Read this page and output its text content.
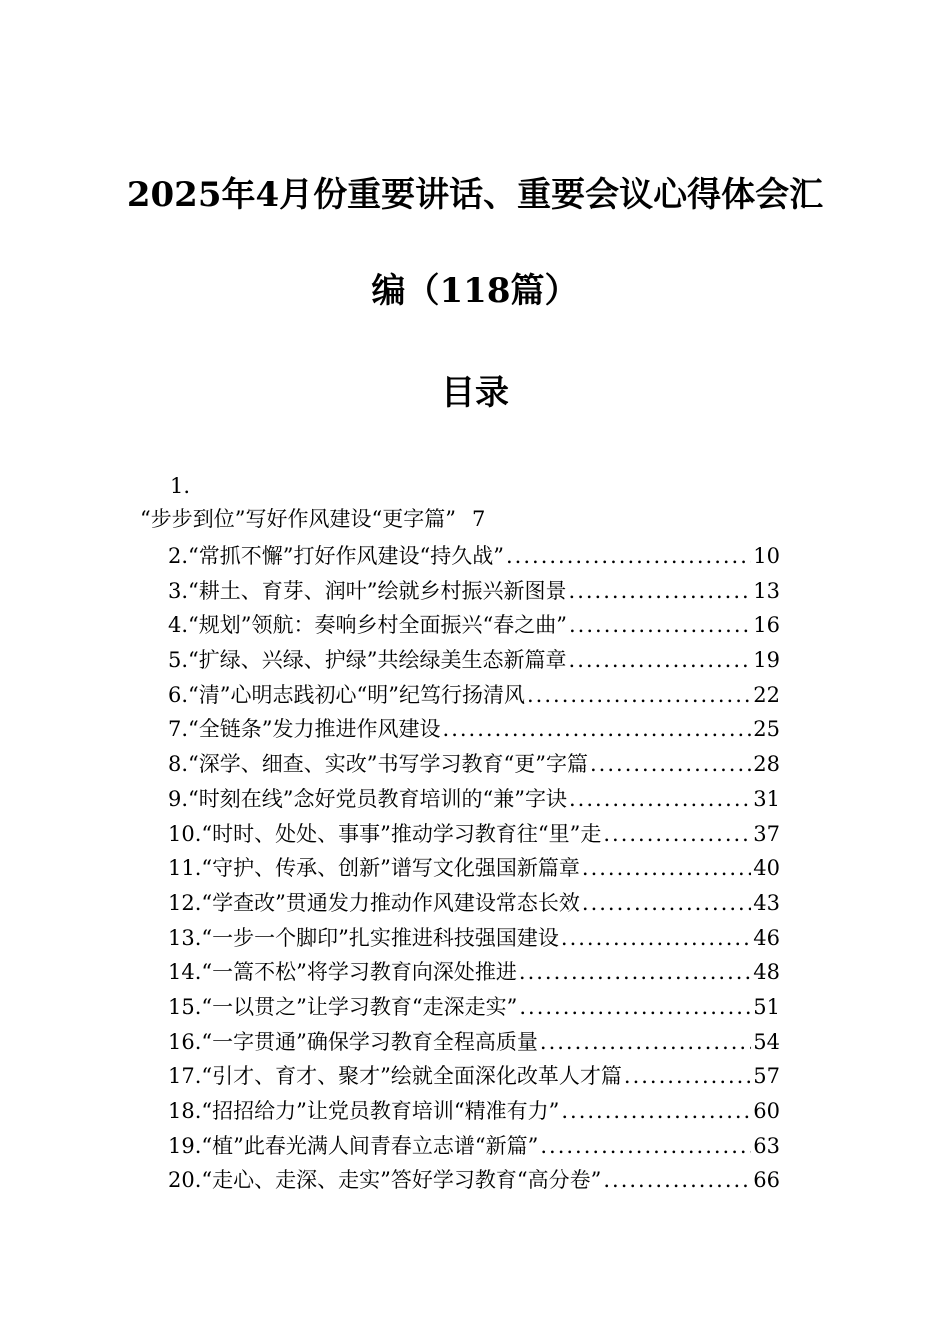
2025年4月份重要讲话、重要会议心得体会汇
编（118篇）
目录
1.
“步步到位”写好作风建设“更字篇” 7
2. “常抓不懈”打好作风建设“持久战” .....	10
3. “耕土、育芽、润叶”绘就乡村振兴新图景 .....	13
4. “规划”领航：奏响乡村全面振兴“春之曲” .....	16
5. “扩绿、兴绿、护绿”共绘绿美生态新篇章 .....	19
6. “清”心明志践初心“明”纪笃行扬清风 .....	22
7. “全链条”发力推进作风建设 .....	25
8. “深学、细查、实改”书写学习教育“更”字篇 .....	28
9. “时刻在线”念好党员教育培训的“兼”字诀 .....	31
10. “时时、处处、事事”推动学习教育往“里”走 .....	37
11. “守护、传承、创新”谱写文化强国新篇章 .....	40
12. “学查改”贯通发力推动作风建设常态长效 .....	43
13. “一步一个脚印”扎实推进科技强国建设 .....	46
14. “一篙不松”将学习教育向深处推进 .....	48
15. “一以贯之”让学习教育“走深走实” .....	51
16. “一字贯通”确保学习教育全程高质量 .....	54
17. “引才、育才、聚才”绘就全面深化改革人才篇 .....	57
18. “招招给力”让党员教育培训“精准有力” .....	60
19. “植”此春光满人间青春立志谱“新篇” .....	63
20. “走心、走深、走实”答好学习教育“高分卷” .....	66
